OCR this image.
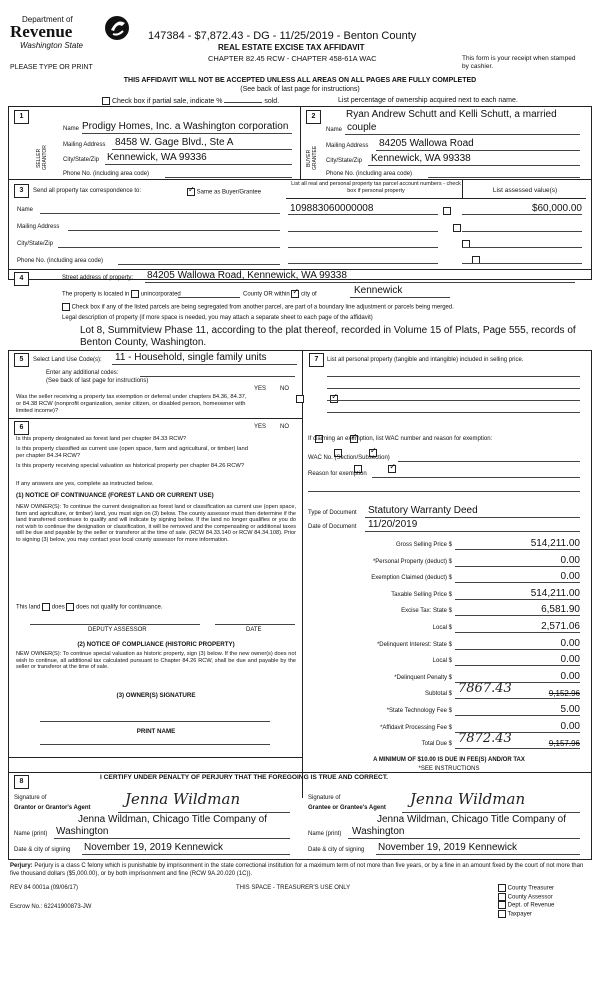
Department of
Revenue
Washington State
PLEASE TYPE OR PRINT
147384 - $7,872.43 - DG - 11/25/2019 - Benton County
REAL ESTATE EXCISE TAX AFFIDAVIT
CHAPTER 82.45 RCW - CHAPTER 458-61A WAC	This form is your receipt when stamped by cashier.
THIS AFFIDAVIT WILL NOT BE ACCEPTED UNLESS ALL AREAS ON ALL PAGES ARE FULLY COMPLETED
(See back of last page for instructions)
Check box if partial sale, indicate %	sold.	List percentage of ownership acquired next to each name.
1
SELLER GRANTOR
Name Prodigy Homes, Inc. a Washington corporation
Mailing Address 8458 W. Gage Blvd., Ste A
City/State/Zip Kennewick, WA 99336
Phone No. (including area code)
2	Ryan Andrew Schutt and Kelli Schutt, a married
Name couple
BUYER GRANTEE Mailing Address 84205 Wallowa Road
City/State/Zip Kennewick, WA 99338
Phone No. (including area code)
3	Send all property tax correspondence to: ✓	Same as Buyer/Grantee
List all real and personal property tax parcel account numbers - check box if personal property	List assessed value(s)
Name
Mailing Address
City/State/Zip
Phone No. (including area code)
109883060000008
	$60,000.00

4	Street address of property: 84205 Wallowa Road, Kennewick, WA 99338
The property is located in unincorporated	County OR within ✓ city of	Kennewick
Check box if any of the listed parcels are being segregated from another parcel, are part of a boundary line adjustment or parcels being merged.
Legal description of property (if more space is needed, you may attach a separate sheet to each page of the affidavit)
Lot 8, Summitview Phase 11, according to the plat thereof, recorded in Volume 15 of Plats, Page 555, records of Benton County, Washington.
5	Select Land Use Code(s): 11 - Household, single family units
Enter any additional codes:
(See back of last page for instructions)
YES NO
Was the seller receiving a property tax exemption or deferral under chapters 84.36, 84.37, or 84.38 RCW (nonprofit organization, senior citizen, or disabled person, homeowner with limited income)?
✓
6	YES NO
Is this property designated as forest land per chapter 84.33 RCW?
✓
Is this property classified as current use (open space, farm and agricultural, or timber) land per chapter 84.34 RCW?
✓
Is this property receiving special valuation as historical property per chapter 84.26 RCW?
✓
If any answers are yes, complete as instructed below.
(1) NOTICE OF CONTINUANCE (FOREST LAND OR CURRENT USE)
NEW OWNER(S): To continue the current designation as forest land or classification as current use (open space, farm and agriculture, or timber) land, you must sign on (3) below. The county assessor must then determine if the land transferred continues to qualify and will indicate by signing below. If the land no longer qualifies or you do not wish to continue the designation or classification, it will be removed and the compensating or additional taxes will be due and payable by the seller or transferor at the time of sale. (RCW 84.33.140 or RCW 84.34.108). Prior to signing (3) below, you may contact your local county assessor for more information.
This land does does not qualify for continuance.
DEPUTY ASSESSOR	DATE
(2) NOTICE OF COMPLIANCE (HISTORIC PROPERTY)
NEW OWNER(S): To continue special valuation as historic property, sign (3) below. If the new owner(s) does not wish to continue, all additional tax calculated pursuant to Chapter 84.26 RCW, shall be due and payable by the seller or transferor at the time of sale.
(3) OWNER(S) SIGNATURE
PRINT NAME
7	List all personal property (tangible and intangible) included in selling price.
If claiming an exemption, list WAC number and reason for exemption:
WAC No. (Section/Subsection)
Reason for exemption
Type of Document Statutory Warranty Deed
Date of Document 11/20/2019
Gross Selling Price $	514,211.00
*Personal Property (deduct) $	0.00
Exemption Claimed (deduct) $	0.00
Taxable Selling Price $	514,211.00
Excise Tax: State $	6,581.90
Local $	2,571.06
*Delinquent Interest: State $	0.00
Local $	0.00
*Delinquent Penalty $	0.00
Subtotal $ 7867.43	9,152.96
*State Technology Fee $	5.00
*Affidavit Processing Fee $	0.00
Total Due $ 7872.43	9,157.96
A MINIMUM OF $10.00 IS DUE IN FEE(S) AND/OR TAX
*SEE INSTRUCTIONS
8
I CERTIFY UNDER PENALTY OF PERJURY THAT THE FOREGOING IS TRUE AND CORRECT.
Signature of
Grantor or Grantor's Agent Jenna Wildman
Jenna Wildman, Chicago Title Company of
Name (print) Washington
Date & city of signing November 19, 2019 Kennewick
Signature of
Grantee or Grantee's Agent Jenna Wildman
Jenna Wildman, Chicago Title Company of
Name (print) Washington
Date & city of signing November 19, 2019 Kennewick
Perjury: Perjury is a class C felony which is punishable by imprisonment in the state correctional institution for a maximum term of not more than five years, or by a fine in an amount fixed by the court of not more than five thousand dollars ($5,000.00), or by both imprisonment and fine (RCW 9A.20.020 (1C)).
REV 84 0001a (09/06/17)	THIS SPACE - TREASURER'S USE ONLY
Escrow No.: 62241900873-JW
County Treasurer
County Assessor
Dept. of Revenue
Taxpayer
